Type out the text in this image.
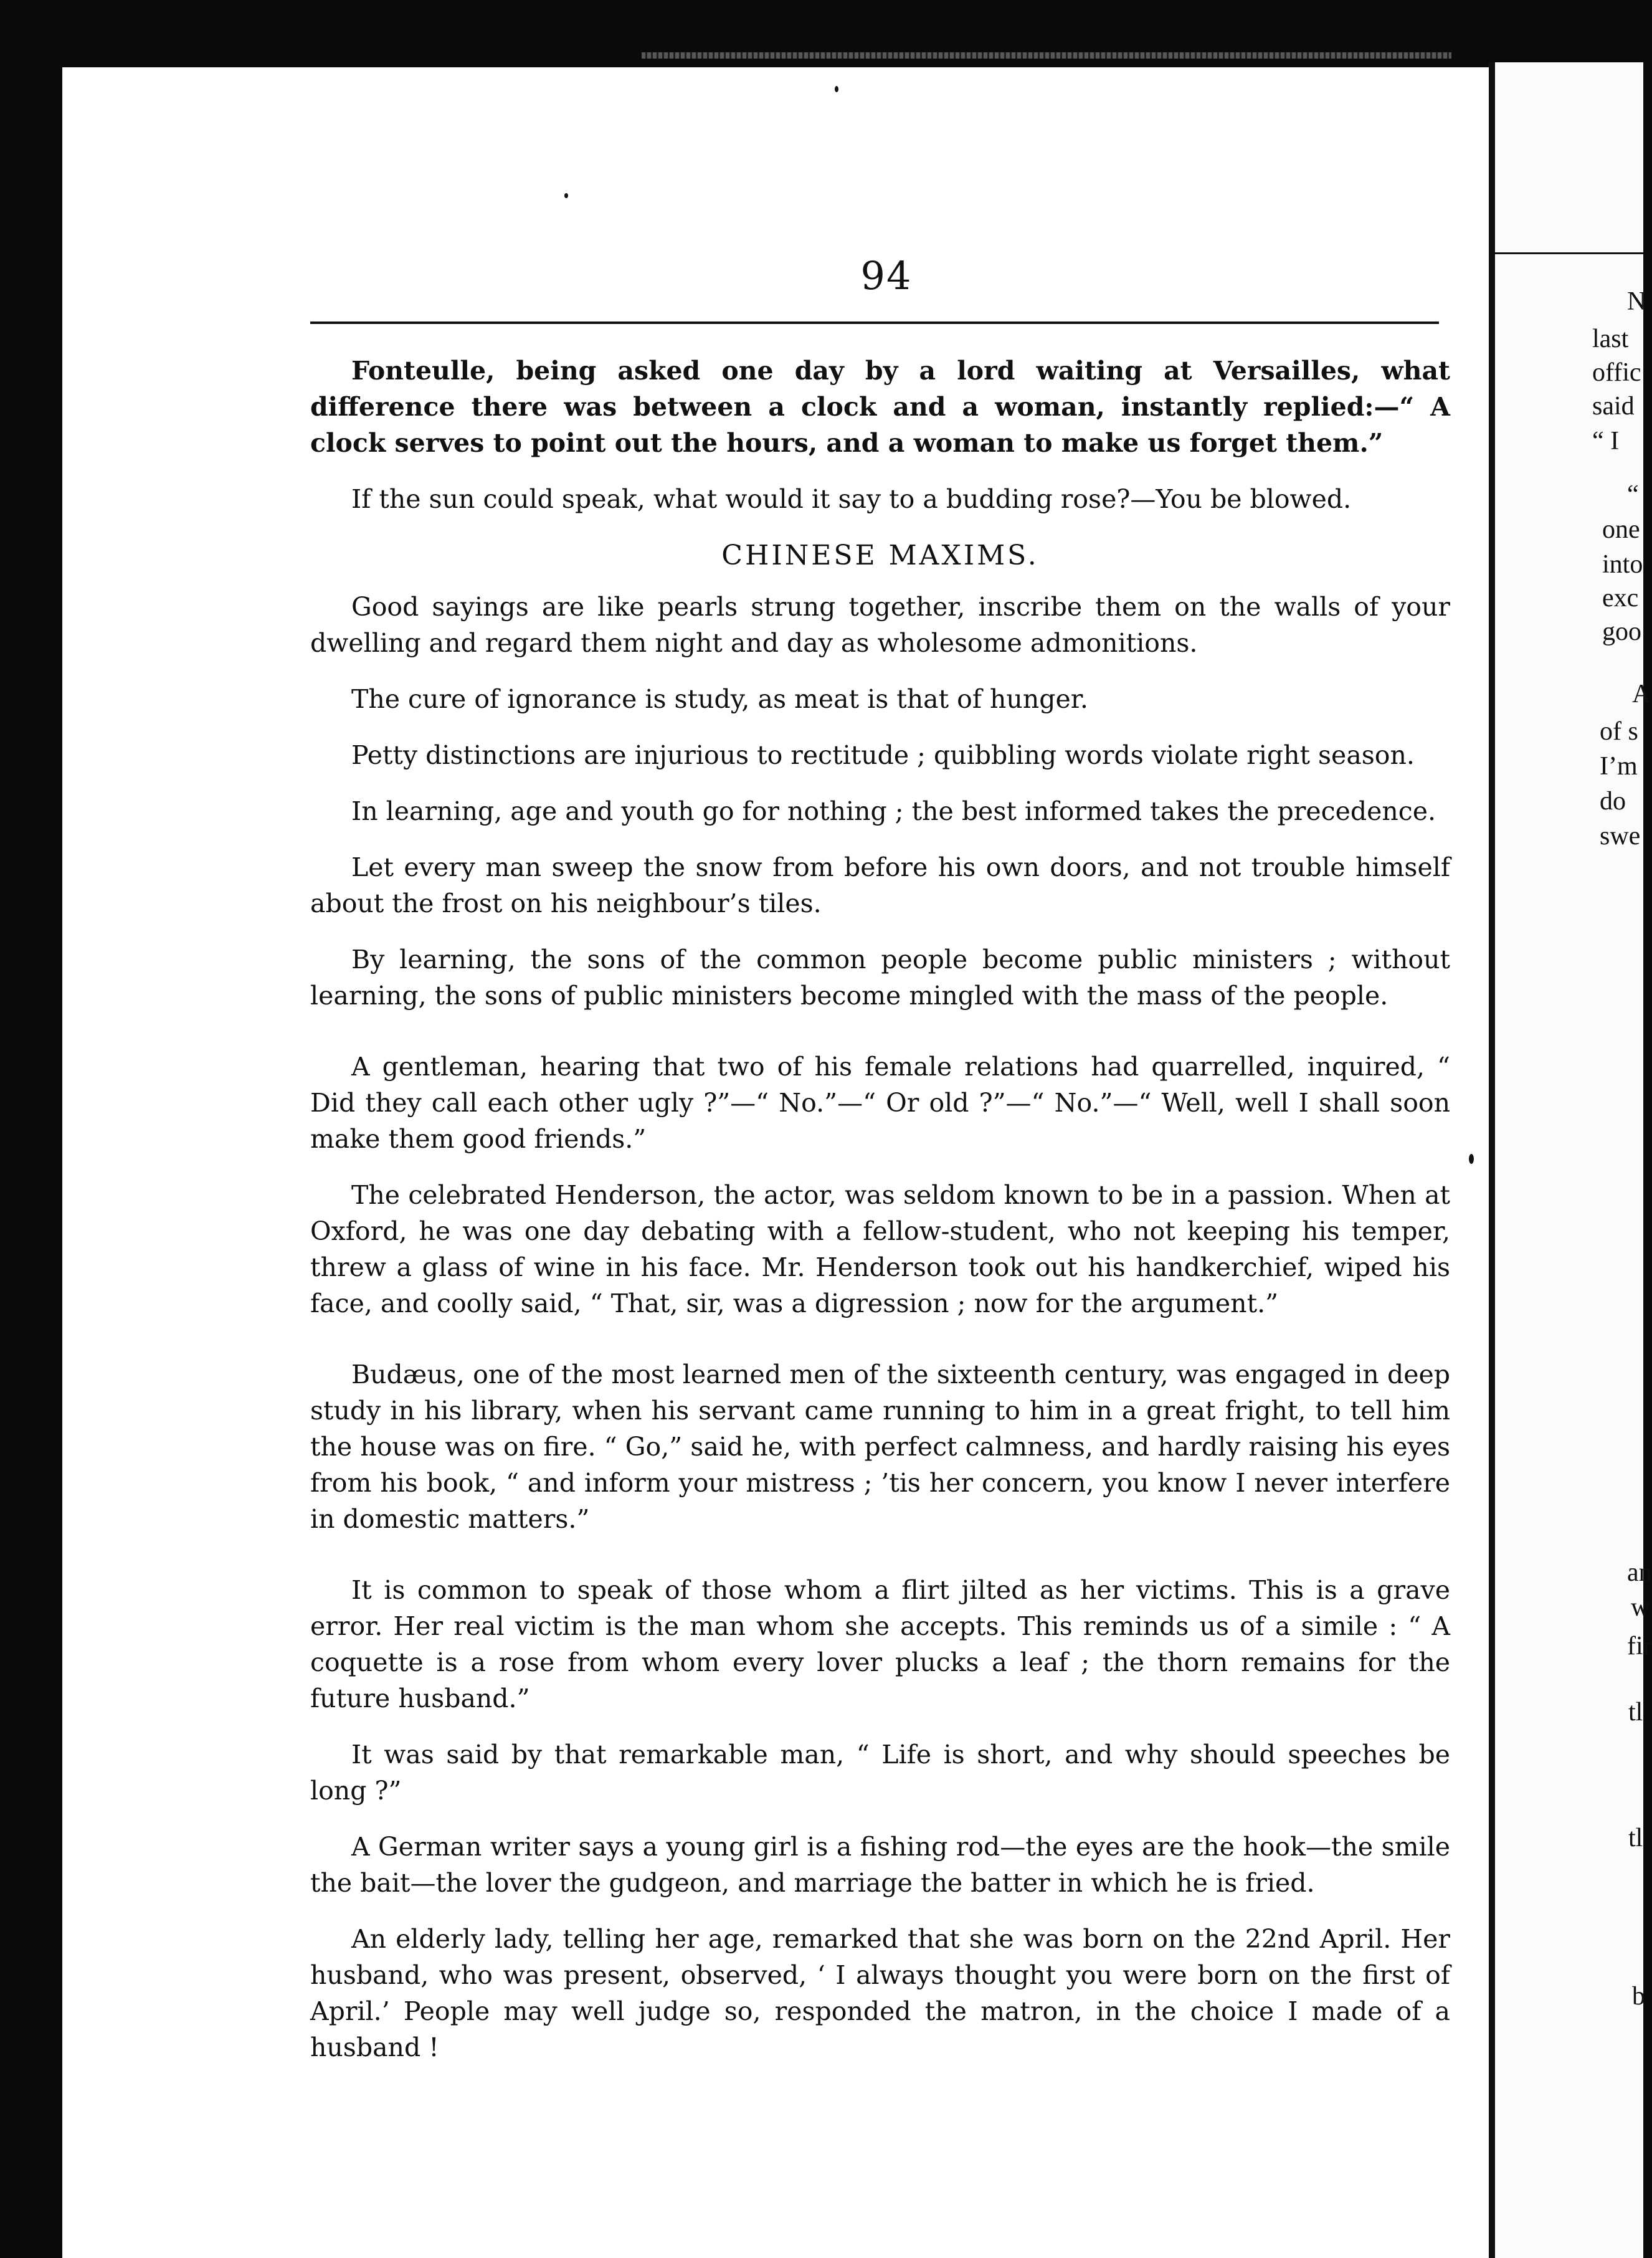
94

Fonteulle, being asked one day by a lord waiting at Versailles, what difference there was between a clock and a woman, instantly replied:—“ A clock serves to point out the hours, and a woman to make us forget them.”

If the sun could speak, what would it say to a budding rose?—You be blowed.

CHINESE MAXIMS.

Good sayings are like pearls strung together, inscribe them on the walls of your dwelling and regard them night and day as wholesome admonitions.

The cure of ignorance is study, as meat is that of hunger.

Petty distinctions are injurious to rectitude ; quibbling words violate right season.

In learning, age and youth go for nothing ; the best informed takes the precedence.

Let every man sweep the snow from before his own doors, and not trouble himself about the frost on his neighbour’s tiles.

By learning, the sons of the common people become public ministers ; without learning, the sons of public ministers become mingled with the mass of the people.

A gentleman, hearing that two of his female relations had quarrelled, inquired, “ Did they call each other ugly ?”—“ No.”—“ Or old ?”—“ No.”—“ Well, well I shall soon make them good friends.”

The celebrated Henderson, the actor, was seldom known to be in a passion. When at Oxford, he was one day debating with a fellow-student, who not keeping his temper, threw a glass of wine in his face. Mr. Henderson took out his handkerchief, wiped his face, and coolly said, “ That, sir, was a digression ; now for the argument.”

Budæus, one of the most learned men of the sixteenth century, was engaged in deep study in his library, when his servant came running to him in a great fright, to tell him the house was on fire. “ Go,” said he, with perfect calmness, and hardly raising his eyes from his book, “ and inform your mistress ; ’tis her concern, you know I never interfere in domestic matters.”

It is common to speak of those whom a flirt jilted as her victims. This is a grave error. Her real victim is the man whom she accepts. This reminds us of a simile : “ A coquette is a rose from whom every lover plucks a leaf ; the thorn remains for the future husband.”

It was said by that remarkable man, “ Life is short, and why should speeches be long ?”

A German writer says a young girl is a fishing rod—the eyes are the hook—the smile the bait—the lover the gudgeon, and marriage the batter in which he is fried.

An elderly lady, telling her age, remarked that she was born on the 22nd April. Her husband, who was present, observed, ‘ I always thought you were born on the first of April.’ People may well judge so, responded the matron, in the choice I made of a husband !

N
last
offic
said
“ I
“
one
into
exc
goo
A
of s
I’m
do
swe
an
w
fir
tl
tl
b
